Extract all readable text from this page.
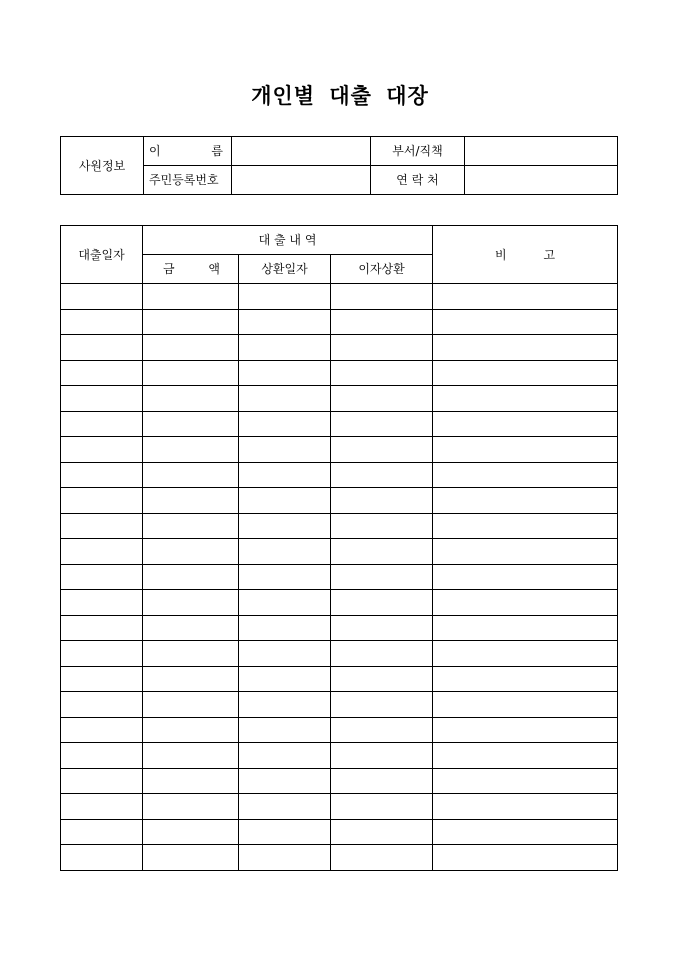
개인별 대출 대장
사원정보	이 름		부서/직책	
	주민등록번호		연 락 처	
대출일자	대 출 내 역			비 고

	금 액	상환일자	이자상환	
